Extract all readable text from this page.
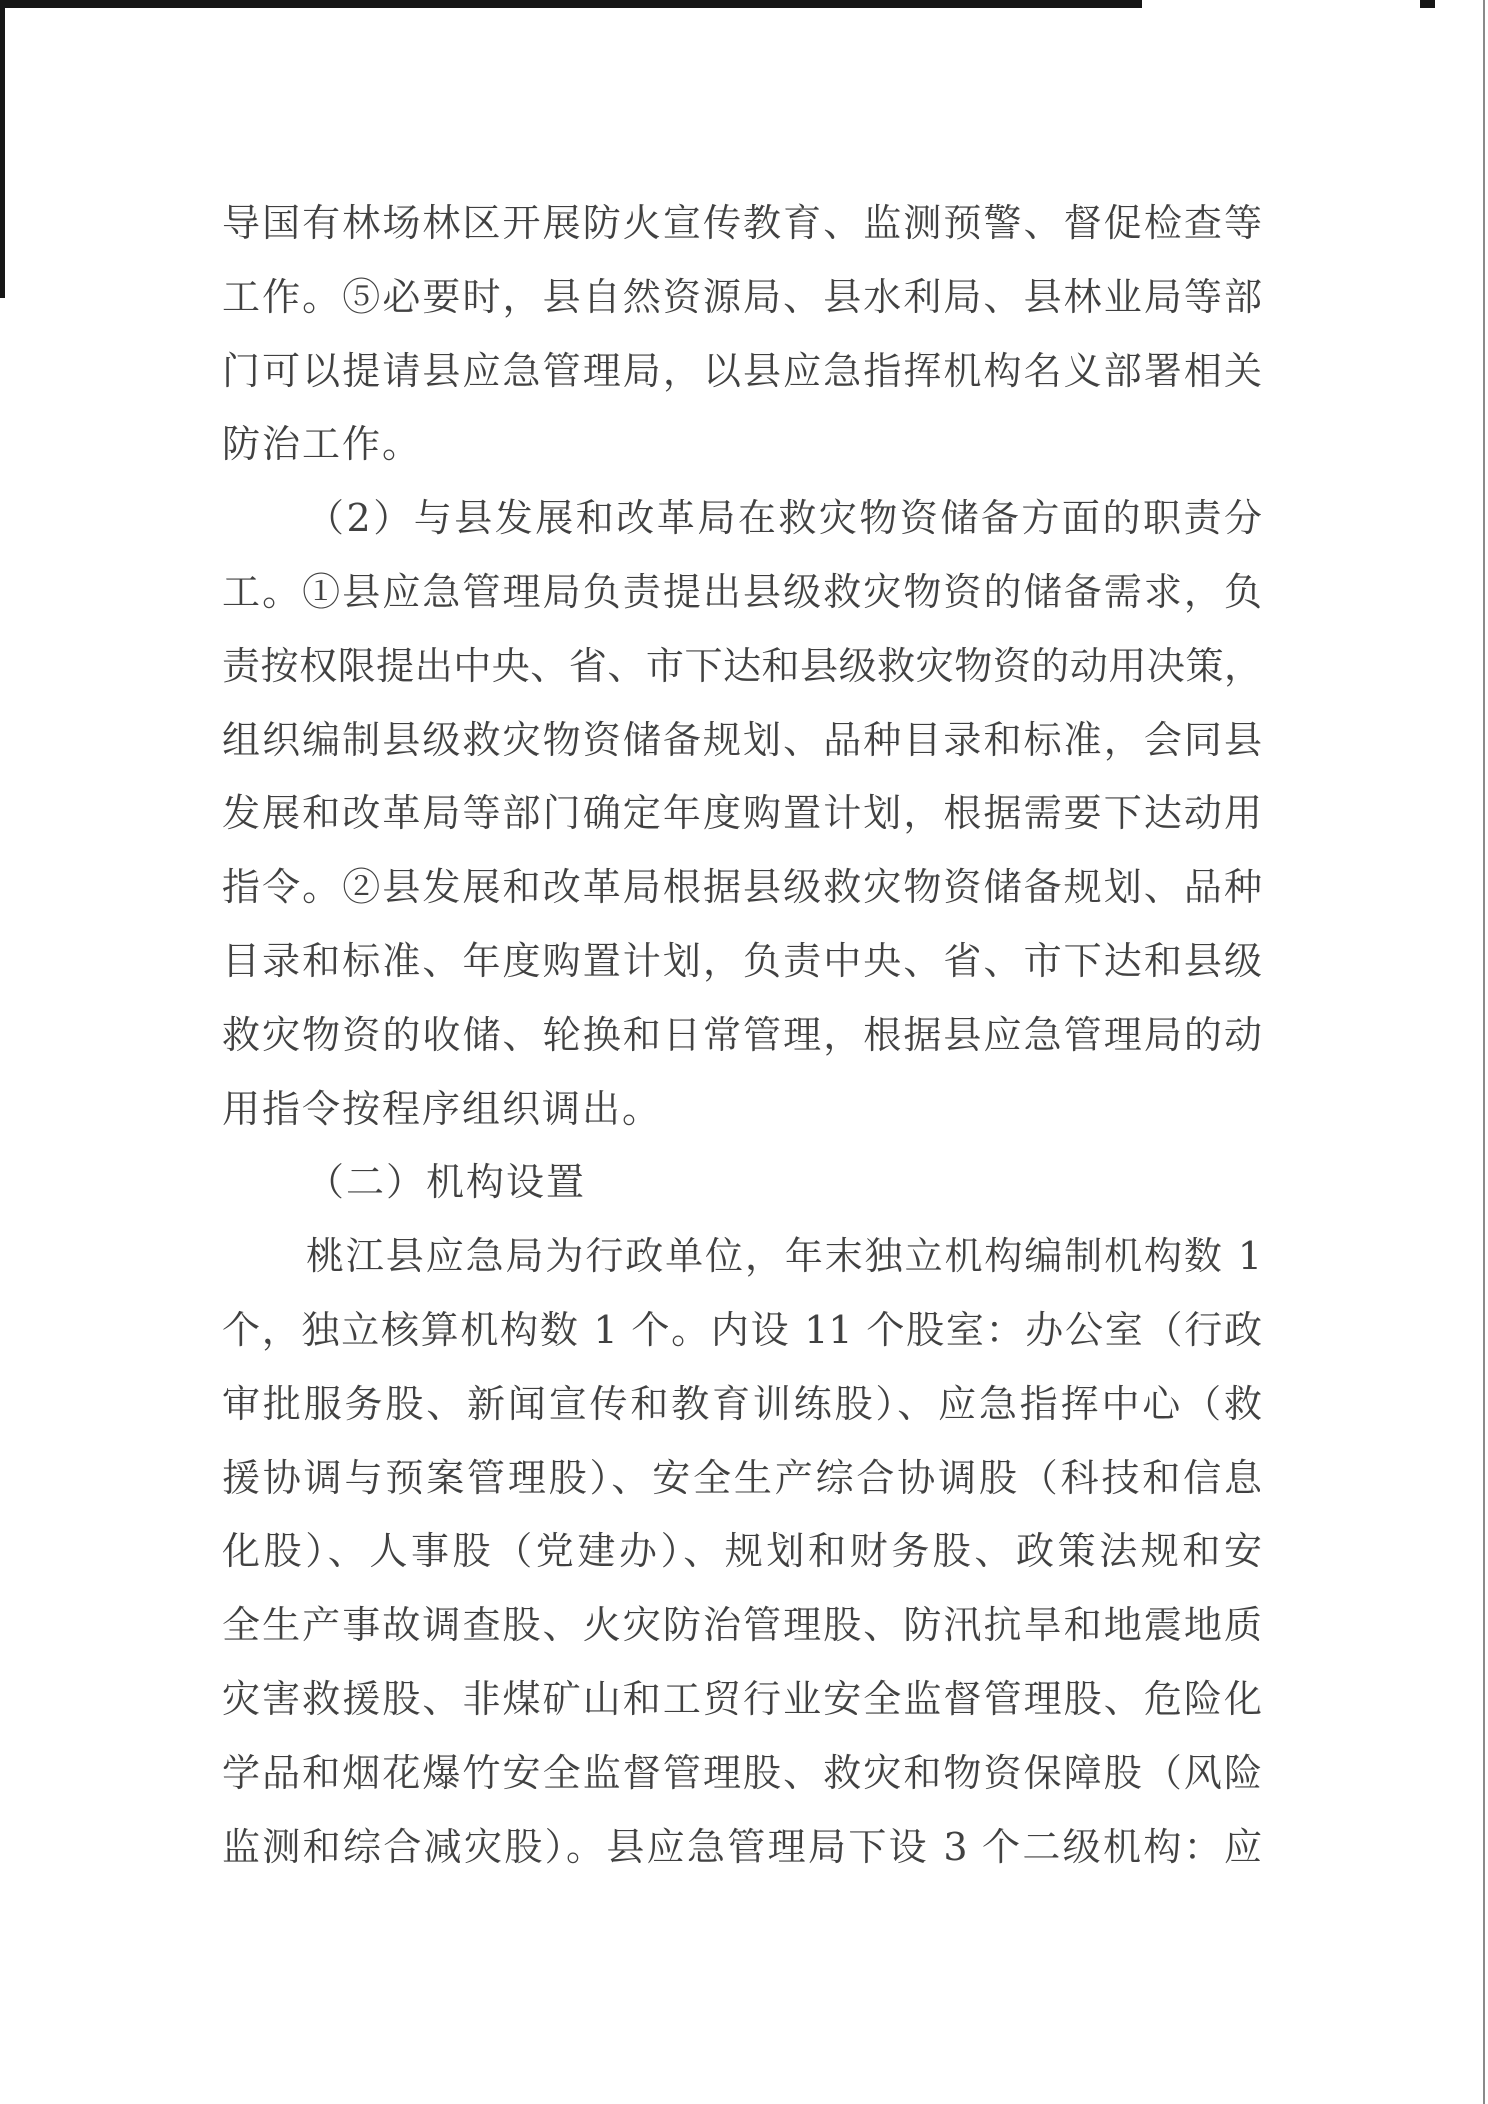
导国有林场林区开展防火宣传教育、监测预警、督促检查等
工作。⑤必要时，县自然资源局、县水利局、县林业局等部
门可以提请县应急管理局，以县应急指挥机构名义部署相关
防治工作。
（2）与县发展和改革局在救灾物资储备方面的职责分
工。①县应急管理局负责提出县级救灾物资的储备需求，负
责按权限提出中央、省、市下达和县级救灾物资的动用决策，
组织编制县级救灾物资储备规划、品种目录和标准，会同县
发展和改革局等部门确定年度购置计划，根据需要下达动用
指令。②县发展和改革局根据县级救灾物资储备规划、品种
目录和标准、年度购置计划，负责中央、省、市下达和县级
救灾物资的收储、轮换和日常管理，根据县应急管理局的动
用指令按程序组织调出。
（二）机构设置
桃江县应急局为行政单位，年末独立机构编制机构数 1
个，独立核算机构数 1 个。内设 11 个股室：办公室（行政
审批服务股、新闻宣传和教育训练股）、应急指挥中心（救
援协调与预案管理股）、安全生产综合协调股（科技和信息
化股）、人事股（党建办）、规划和财务股、政策法规和安
全生产事故调查股、火灾防治管理股、防汛抗旱和地震地质
灾害救援股、非煤矿山和工贸行业安全监督管理股、危险化
学品和烟花爆竹安全监督管理股、救灾和物资保障股（风险
监测和综合减灾股）。县应急管理局下设 3 个二级机构：应
